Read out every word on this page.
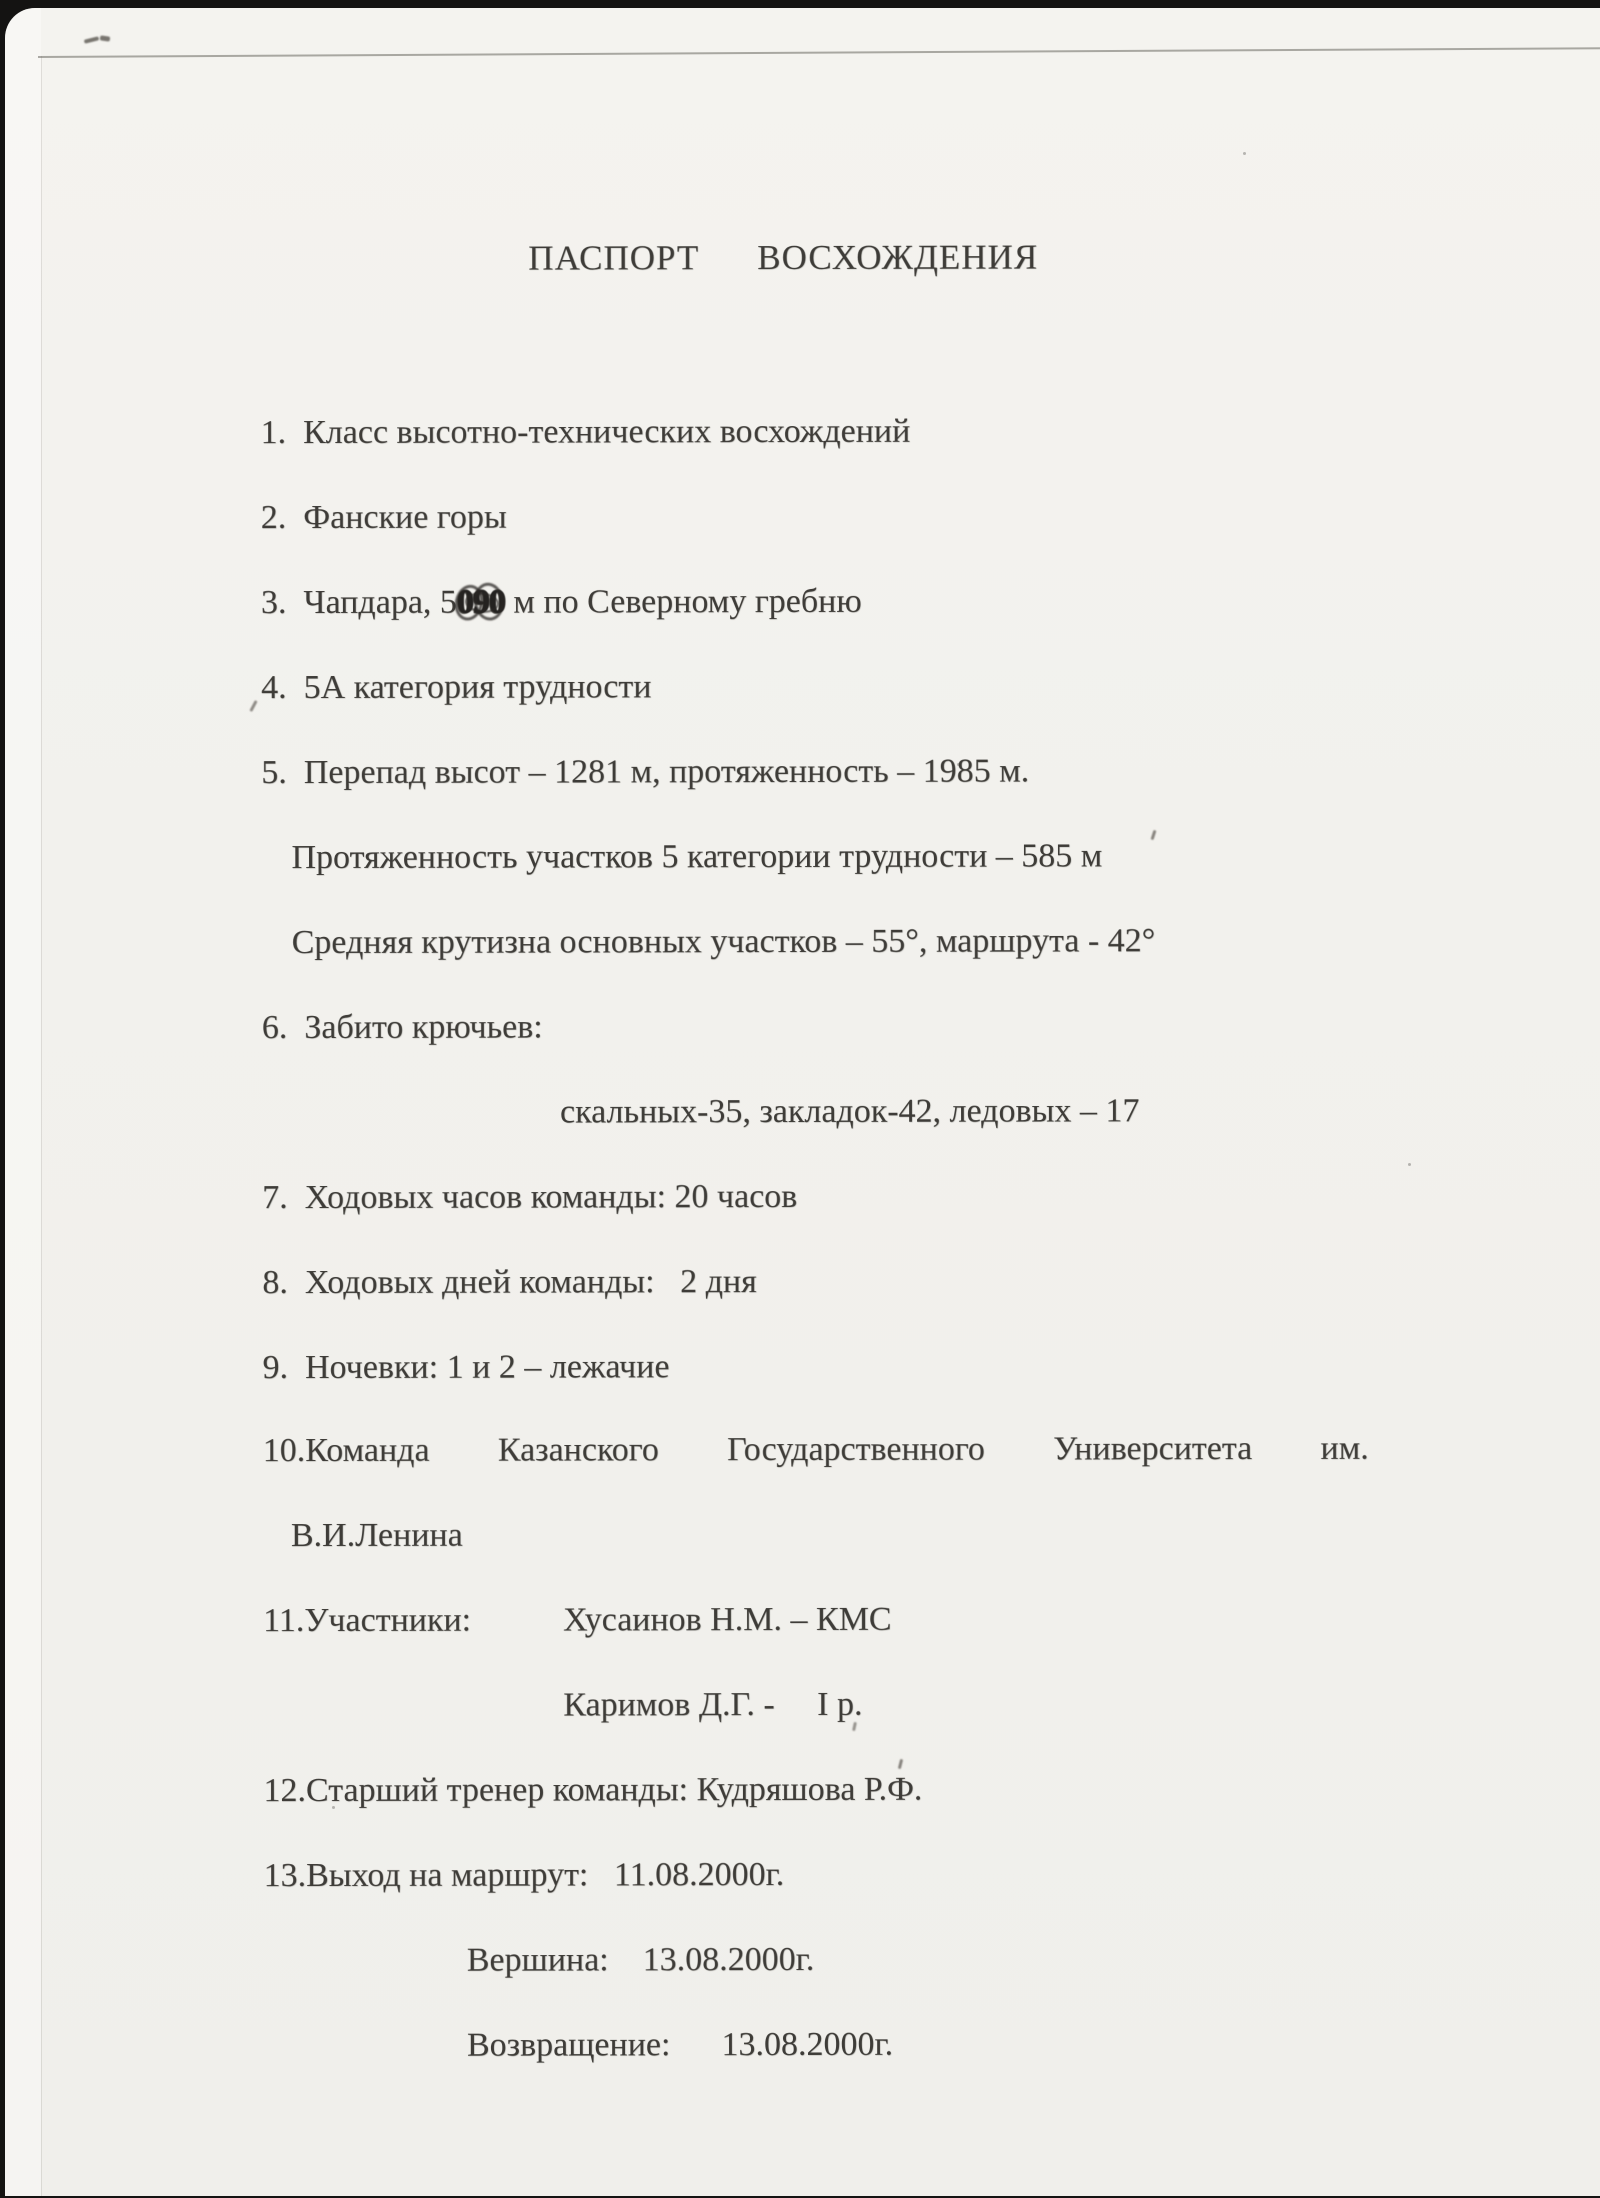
ПАСПОРТ  ВОСХОЖДЕНИЯ
1.  Класс высотно-технических восхождений
2.  Фанские горы
3.  Чапдара, 5090
м по Северному гребню
4.  5А категория трудности
5.  Перепад высот – 1281 м, протяженность – 1985 м.
Протяженность участков 5 категории трудности – 585 м
Средняя крутизна основных участков – 55°, маршрута - 42°
6.  Забито крючьев:
скальных-35, закладок-42, ледовых – 17
7.  Ходовых часов команды: 20 часов
8.  Ходовых дней команды:   2 дня
9.  Ночевки: 1 и 2 – лежачие
10.Команда Казанского Государственного Университета им.
В.И.Ленина
11.Участники:	Хусаинов Н.М. – КМС
Каримов Д.Г. -     I р.
12.Старший тренер команды: Кудряшова Р.Ф.
13.Выход на маршрут:   11.08.2000г.
Вершина:    13.08.2000г.
Возвращение:      13.08.2000г.
